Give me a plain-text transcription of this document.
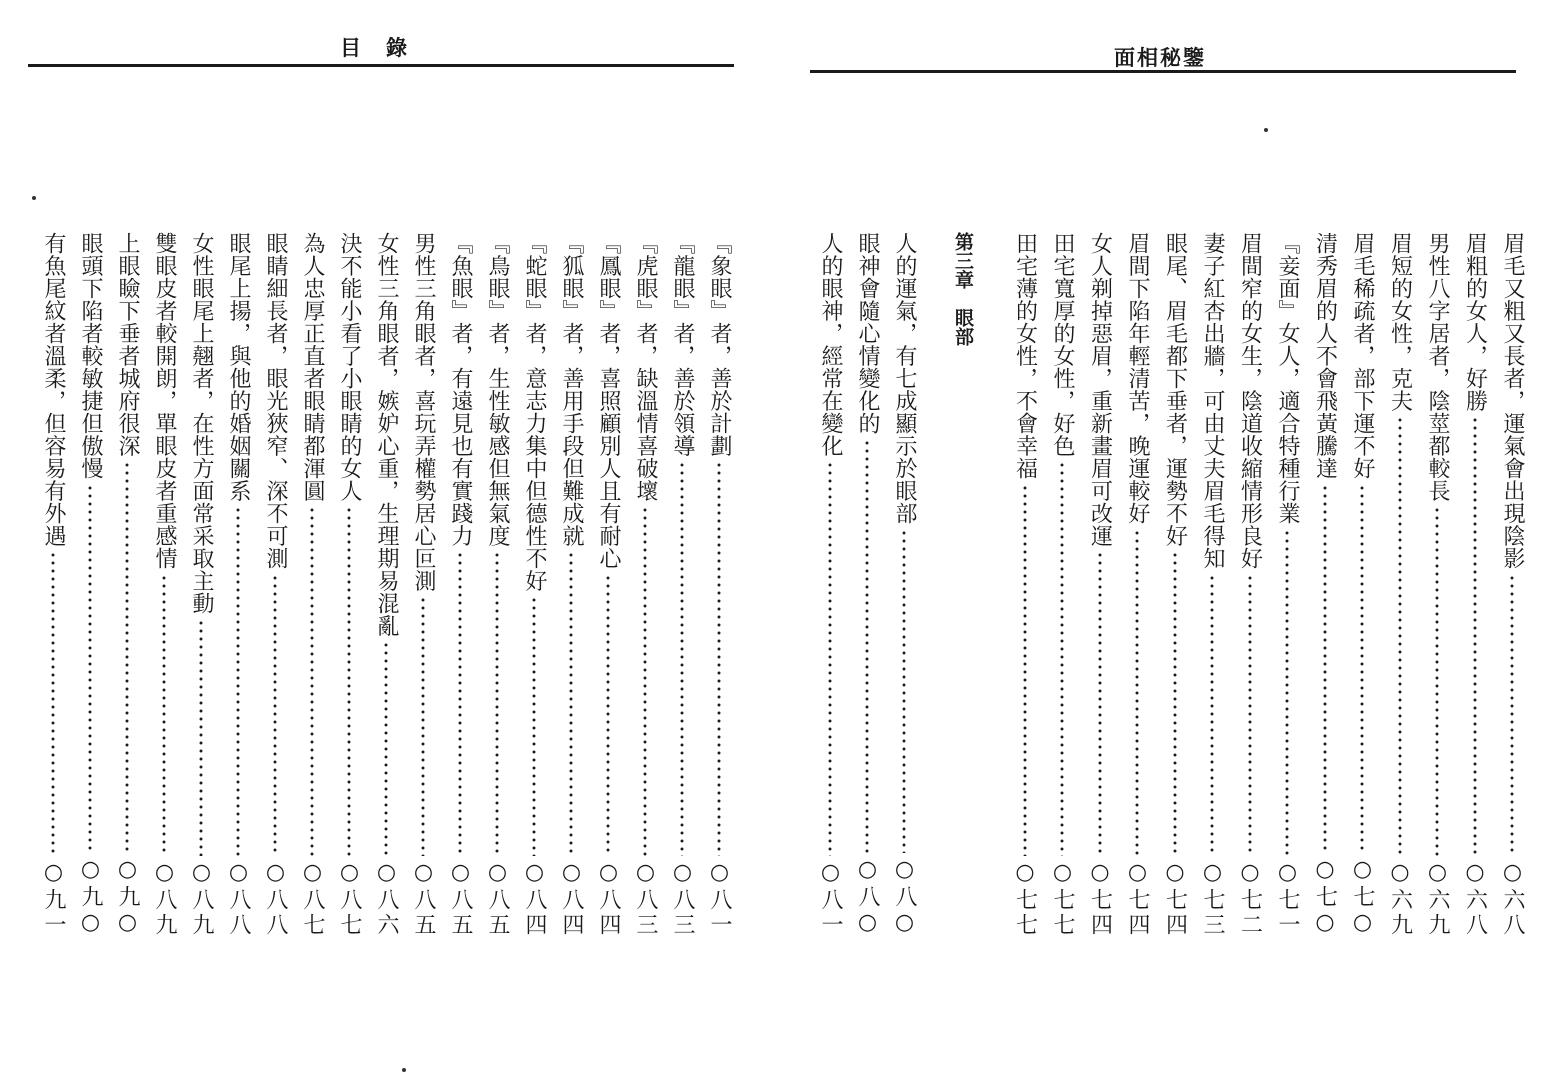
目　錄	面相秘鑒
『象眼』者，善於計劃
○八一
『龍眼』者，善於領導
○八三
『虎眼』者，缺溫情喜破壞
○八三
『鳳眼』者，喜照顧別人且有耐心
○八四
『狐眼』者，善用手段但難成就
○八四
『蛇眼』者，意志力集中但德性不好
○八四
『鳥眼』者，生性敏感但無氣度
○八五
『魚眼』者，有遠見也有實踐力
○八五
男性三角眼者，喜玩弄權勢居心叵測
○八五
女性三角眼者，嫉妒心重，生理期易混亂
○八六
決不能小看了小眼睛的女人
○八七
為人忠厚正直者眼睛都渾圓
○八七
眼睛細長者，眼光狹窄、深不可測
○八八
眼尾上揚，與他的婚姻關系
○八八
女性眼尾上翹者，在性方面常采取主動
○八九
雙眼皮者較開朗，單眼皮者重感情
○八九
上眼瞼下垂者城府很深
○九○
眼頭下陷者較敏捷但傲慢
○九○
有魚尾紋者溫柔，但容易有外遇
○九一
眉毛又粗又長者，運氣會出現陰影
○六八
眉粗的女人，好勝
○六八
男性八字居者，陰莖都較長
○六九
眉短的女性，克夫
○六九
眉毛稀疏者，部下運不好
○七○
清秀眉的人不會飛黃騰達
○七○
『妾面』女人，適合特種行業
○七一
眉間窄的女生，陰道收縮情形良好
○七二
妻子紅杏出牆，可由丈夫眉毛得知
○七三
眼尾、眉毛都下垂者，運勢不好
○七四
眉間下陷年輕清苦，晚運較好
○七四
女人剃掉惡眉，重新畫眉可改運
○七四
田宅寬厚的女性，好色
○七七
田宅薄的女性，不會幸福
○七七
人的運氣，有七成顯示於眼部
○八○
眼神會隨心情變化的
○八○
人的眼神，經常在變化
○八一
第三章　眼部
